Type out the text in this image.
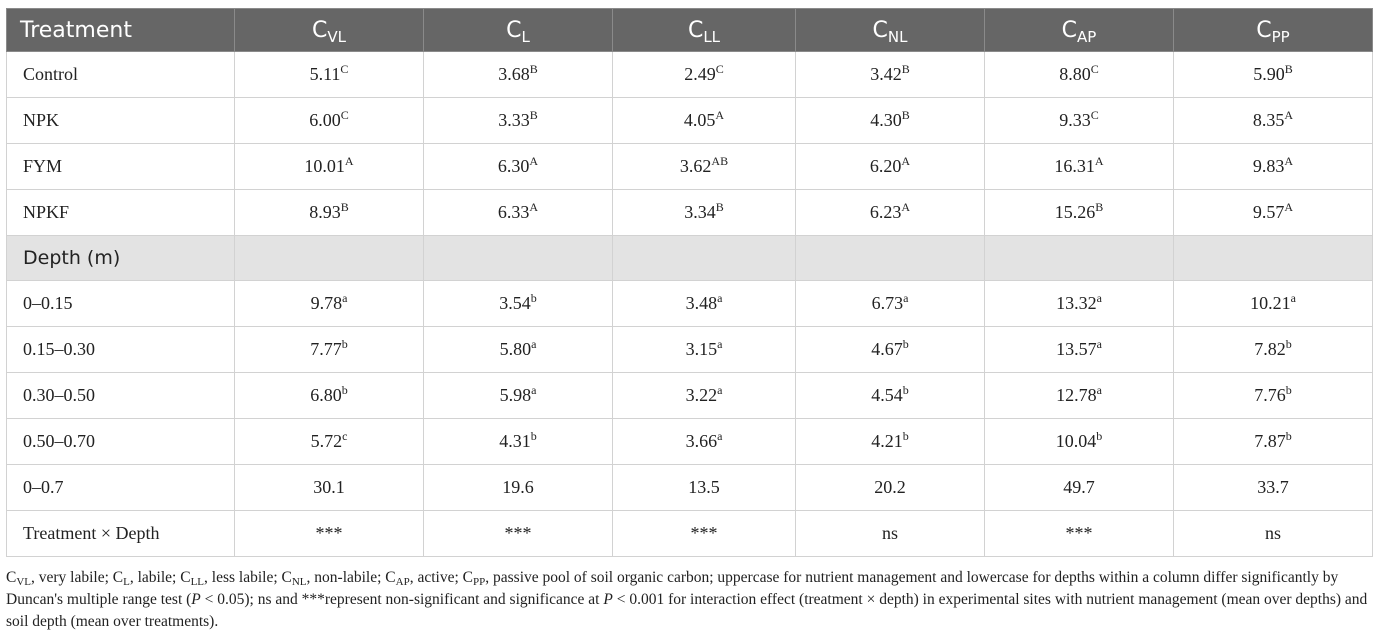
Treatment	$C_{VL}$	$C_L$	$C_{LL}$	$C_{NL}$	$C_{AP}$	$C_{PP}$
Control	$5.11^C$	$3.68^B$	$2.49^C$	$3.42^B$	$8.80^C$	$5.90^B$
NPK	$6.00^C$	$3.33^B$	$4.05^A$	$4.30^B$	$9.33^C$	$8.35^A$
FYM	$10.01^A$	$6.30^A$	$3.62^{AB}$	$6.20^A$	$16.31^A$	$9.83^A$
NPKF	$8.93^B$	$6.33^A$	$3.34^B$	$6.23^A$	$15.26^B$	$9.57^A$
Depth (m)						
0–0.15	9.78$^a$	3.54$^b$	3.48$^a$	6.73$^a$	13.32$^a$	10.21$^a$
0.15–0.30	7.77$^b$	5.80$^a$	3.15$^a$	4.67$^b$	13.57$^a$	7.82$^b$
0.30–0.50	6.80$^b$	5.98$^a$	3.22$^a$	4.54$^b$	12.78$^a$	7.76$^b$
0.50–0.70	5.72$^c$	4.31$^b$	3.66$^a$	4.21$^b$	10.04$^b$	7.87$^b$
0–0.7	30.1	19.6	13.5	20.2	49.7	33.7
Treatment × Depth	***	***	***	ns	***	ns
$C_{VL}$, very labile; $C_L$, labile; $C_{LL}$, less labile; $C_{NL}$, non-labile; $C_{AP}$, active; $C_{PP}$, passive pool of soil organic carbon; uppercase for nutrient management and lowercase for depths within a column differ significantly by Duncan's multiple range test (P < 0.05); ns and ***represent non-significant and significance at P < 0.001 for interaction effect (treatment × depth) in experimental sites with nutrient management (mean over depths) and soil depth (mean over treatments).
